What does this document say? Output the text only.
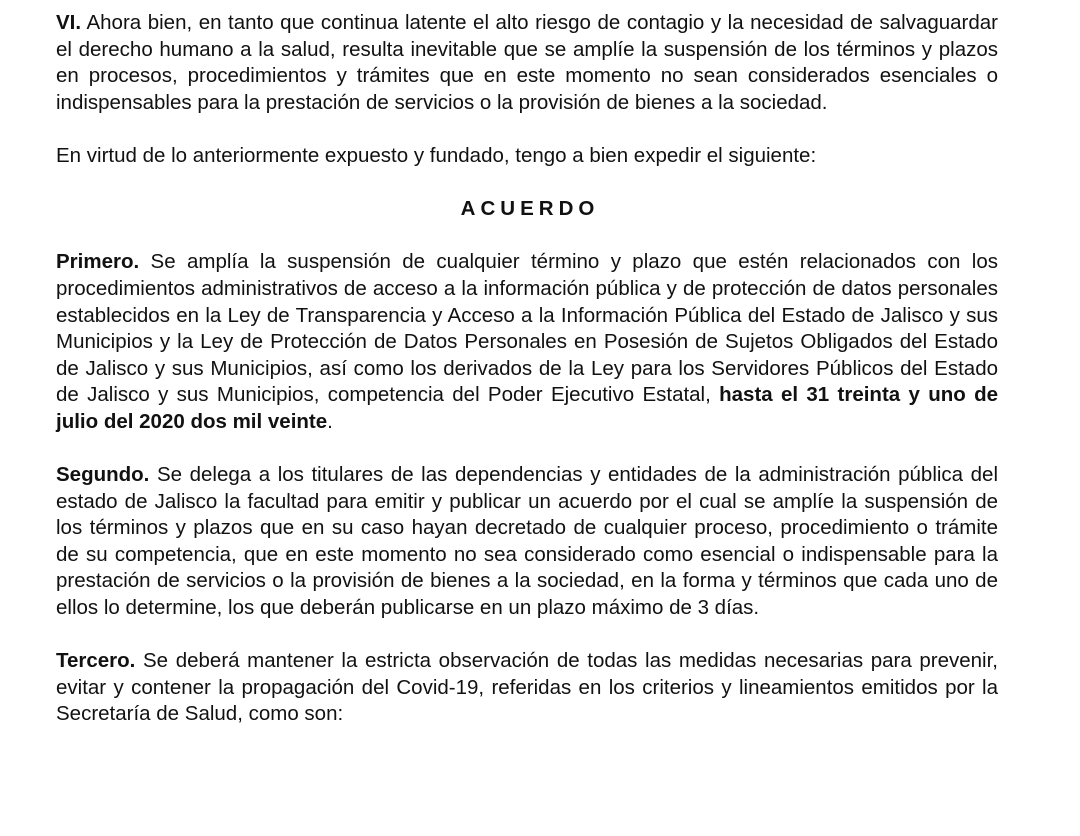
VI. Ahora bien, en tanto que continua latente el alto riesgo de contagio y la necesidad de salvaguardar el derecho humano a la salud, resulta inevitable que se amplíe la suspensión de los términos y plazos en procesos, procedimientos y trámites que en este momento no sean considerados esenciales o indispensables para la prestación de servicios o la provisión de bienes a la sociedad.

En virtud de lo anteriormente expuesto y fundado, tengo a bien expedir el siguiente:

ACUERDO

Primero. Se amplía la suspensión de cualquier término y plazo que estén relacionados con los procedimientos administrativos de acceso a la información pública y de protección de datos personales establecidos en la Ley de Transparencia y Acceso a la Información Pública del Estado de Jalisco y sus Municipios y la Ley de Protección de Datos Personales en Posesión de Sujetos Obligados del Estado de Jalisco y sus Municipios, así como los derivados de la Ley para los Servidores Públicos del Estado de Jalisco y sus Municipios, competencia del Poder Ejecutivo Estatal, hasta el 31 treinta y uno de julio del 2020 dos mil veinte.

Segundo. Se delega a los titulares de las dependencias y entidades de la administración pública del estado de Jalisco la facultad para emitir y publicar un acuerdo por el cual se amplíe la suspensión de los términos y plazos que en su caso hayan decretado de cualquier proceso, procedimiento o trámite de su competencia, que en este momento no sea considerado como esencial o indispensable para la prestación de servicios o la provisión de bienes a la sociedad, en la forma y términos que cada uno de ellos lo determine, los que deberán publicarse en un plazo máximo de 3 días.

Tercero. Se deberá mantener la estricta observación de todas las medidas necesarias para prevenir, evitar y contener la propagación del Covid-19, referidas en los criterios y lineamientos emitidos por la Secretaría de Salud, como son:
